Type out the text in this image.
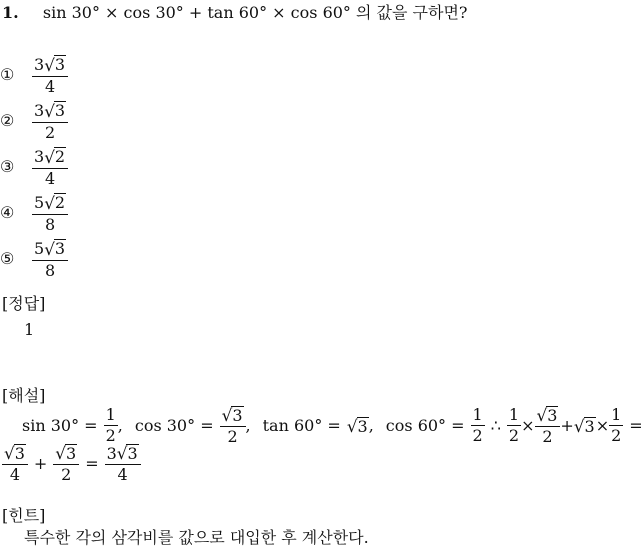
1. sin 30° × cos 30° + tan 60° × cos 60° 의 값을 구하면?
① $\frac{3 √ 3}{4}$
② $\frac{3 √ 3}{2}$
③ $\frac{3 √ 2}{4}$
④ $\frac{5 √ 2}{8}$
⑤ $\frac{5 √ 3}{8}$
[정답]
1
[해설]
$\sin 30^\circ = \frac{1}{2}$ , $\cos 30^\circ = \frac{√ 3}{2}$ , tan 60° = √ 3 , $\cos 60^\circ = \frac{1}{2}$ ∴ $\frac{1}{2} \times \frac{√ 3}{2}$ + √ $3 \times \frac{1}{2}$ =
$\frac{√ 3}{4} + \frac{√ 3}{2} = \frac{3 √ 3}{4}$
[힌트]
특수한 각의 삼각비를 값으로 대입한 후 계산한다.
